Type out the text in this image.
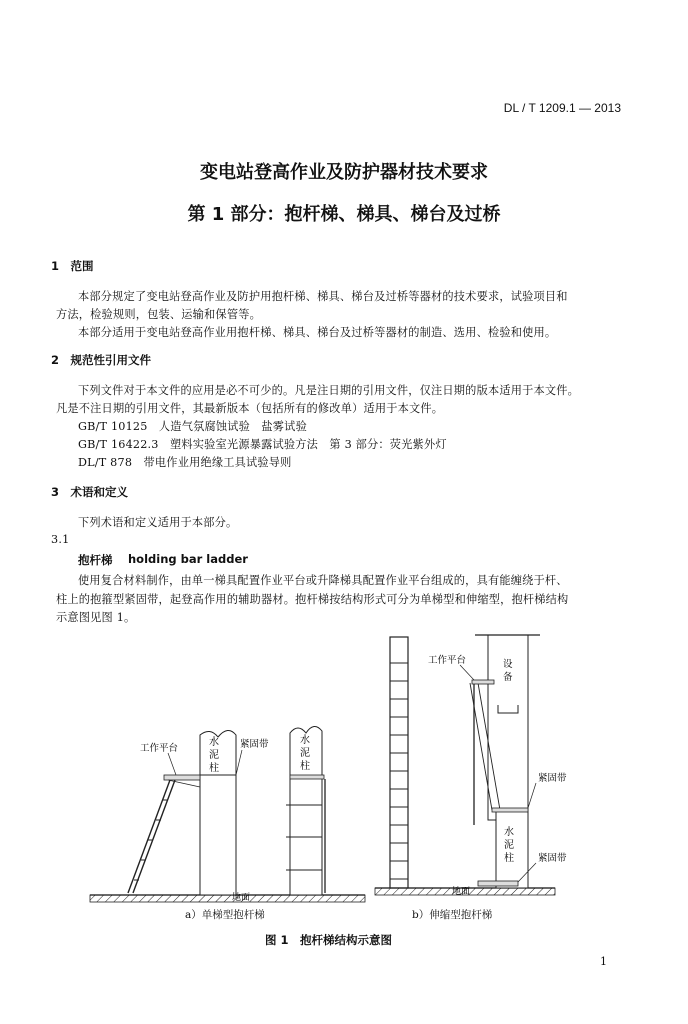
DL / T 1209.1 — 2013
变电站登高作业及防护器材技术要求
第 1 部分：抱杆梯、梯具、梯台及过桥
1　范围
本部分规定了变电站登高作业及防护用抱杆梯、梯具、梯台及过桥等器材的技术要求，试验项目和
方法，检验规则，包装、运输和保管等。
本部分适用于变电站登高作业用抱杆梯、梯具、梯台及过桥等器材的制造、选用、检验和使用。
2　规范性引用文件
下列文件对于本文件的应用是必不可少的。凡是注日期的引用文件，仅注日期的版本适用于本文件。
凡是不注日期的引用文件，其最新版本（包括所有的修改单）适用于本文件。
GB/T 10125　人造气氛腐蚀试验　盐雾试验
GB/T 16422.3　塑料实验室光源暴露试验方法　第 3 部分：荧光紫外灯
DL/T 878　带电作业用绝缘工具试验导则
3　术语和定义
下列术语和定义适用于本部分。
3.1
抱杆梯 holding bar ladder
使用复合材料制作，由单一梯具配置作业平台或升降梯具配置作业平台组成的，具有能缠绕于杆、
柱上的抱箍型紧固带，起登高作用的辅助器材。抱杆梯按结构形式可分为单梯型和伸缩型，抱杆梯结构
示意图见图 1。
水
泥
柱
工作平台	紧固带	水
泥
柱
地面
水
泥
柱
设
备
工作平台
紧固带
紧固带
地面
a）单梯型抱杆梯	b）伸缩型抱杆梯
图 1　抱杆梯结构示意图
1
